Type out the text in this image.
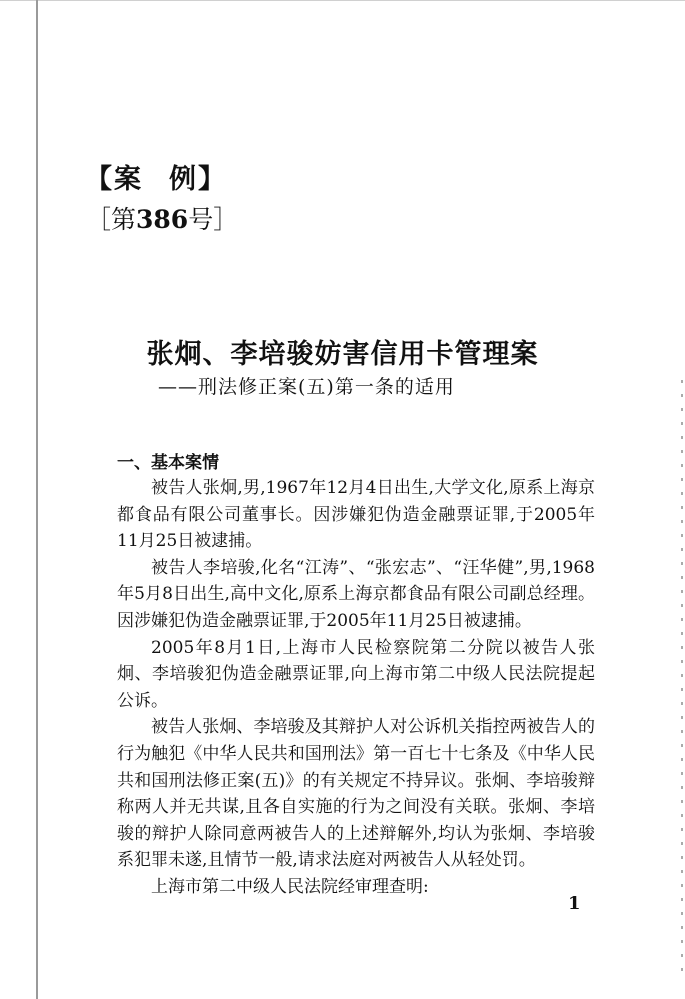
【案 例】
［第386号］
张炯、李培骏妨害信用卡管理案
——刑法修正案(五)第一条的适用
一、基本案情

被告人张炯,男,1967年12月4日出生,大学文化,原系上海京都食品有限公司董事长。因涉嫌犯伪造金融票证罪,于2005年11月25日被逮捕。

被告人李培骏,化名“江涛”、“张宏志”、“汪华健”,男,1968年5月8日出生,高中文化,原系上海京都食品有限公司副总经理。因涉嫌犯伪造金融票证罪,于2005年11月25日被逮捕。

2005年8月1日,上海市人民检察院第二分院以被告人张炯、李培骏犯伪造金融票证罪,向上海市第二中级人民法院提起公诉。

被告人张炯、李培骏及其辩护人对公诉机关指控两被告人的行为触犯《中华人民共和国刑法》第一百七十七条及《中华人民共和国刑法修正案(五)》的有关规定不持异议。张炯、李培骏辩称两人并无共谋,且各自实施的行为之间没有关联。张炯、李培骏的辩护人除同意两被告人的上述辩解外,均认为张炯、李培骏系犯罪未遂,且情节一般,请求法庭对两被告人从轻处罚。

上海市第二中级人民法院经审理查明:

1
